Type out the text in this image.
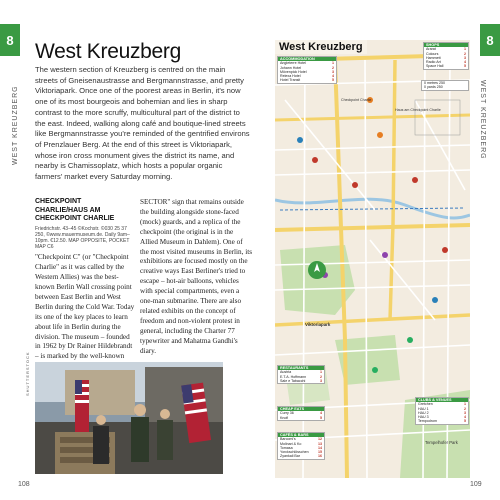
8
WEST KREUZBERG
8
WEST KREUZBERG
West Kreuzberg
The western section of Kreuzberg is centred on the main streets of Gneisenaustrasse and Bergmannstrasse, and pretty Viktoriapark. Once one of the poorest areas in Berlin, it's now one of its most bourgeois and bohemian and lies in sharp contrast to the more scruffy, multicultural part of the district to the east. Indeed, walking along café and boutique-lined streets like Bergmannstrasse you're reminded of the gentrified environs of Prenzlauer Berg. At the end of this street is Viktoriapark, whose iron cross monument gives the district its name, and nearby is Chamissoplatz, which hosts a popular organic farmers' market every Saturday morning.
CHECKPOINT CHARLIE/HAUS AM CHECKPOINT CHARLIE
Friedrichstr. 43–45 ©Kochstr. ©030 25 37 250, ©www.mauermuseum.de. Daily 9am–10pm. €12.50. MAP OPPOSITE, POCKET MAP C6
"Checkpoint C" (or "Checkpoint Charlie" as it was called by the Western Allies) was the best-known Berlin Wall crossing point between East Berlin and West Berlin during the Cold War. Today its one of the key places to learn about life in Berlin during the division. The museum – founded in 1962 by Dr Rainer Hildebrandt – is marked by the well-known
SECTOR" sign that remains outside the building alongside stone-faced (mock) guards, and a replica of the checkpoint (the original is in the Allied Museum in Dahlem). One of the most visited museums in Berlin, its exhibitions are focused mostly on the creative ways East Berliner's tried to escape – hot-air balloons, vehicles with special compartments, even a one-man submarine. There are also related exhibits on the concept of freedom and non-violent protest in general, including the Charter 77 typewriter and Mahatma Gandhi's diary.
SHUTTERSTOCK
108	109
West Kreuzberg
ACCOMMODATION
Angleterre Hotel	1
Johann Hotel	2
Mövenpick Hotel	3
Relexa Hotel	4
Hotel Transit	5
SHOPS
Ararat	1
Colours	2
Hammett	3
Radio Art	4
Space Hall	5
0 metres 250
0 yards 250
Checkpoint Charlie
Haus am Checkpoint Charlie
Viktoriapark
Tempelhofer Park
RESTAURANTS
Austria	1
E.T.A. Hoffmann	2
Sale e Tabacchi	3
CHEAP EATS
Curry 36	4
Knofi	5
CAFÉS & BARS
Barcomi's	12
Molinari & Ko	13
Tomasa	14
Yorckschlösschen	15
Zyankali Bar	16
CLUBS & VENUES
Gretchen	1
HAU 1	2
HAU 2	3
HAU 3	4
Tempodrom	5
